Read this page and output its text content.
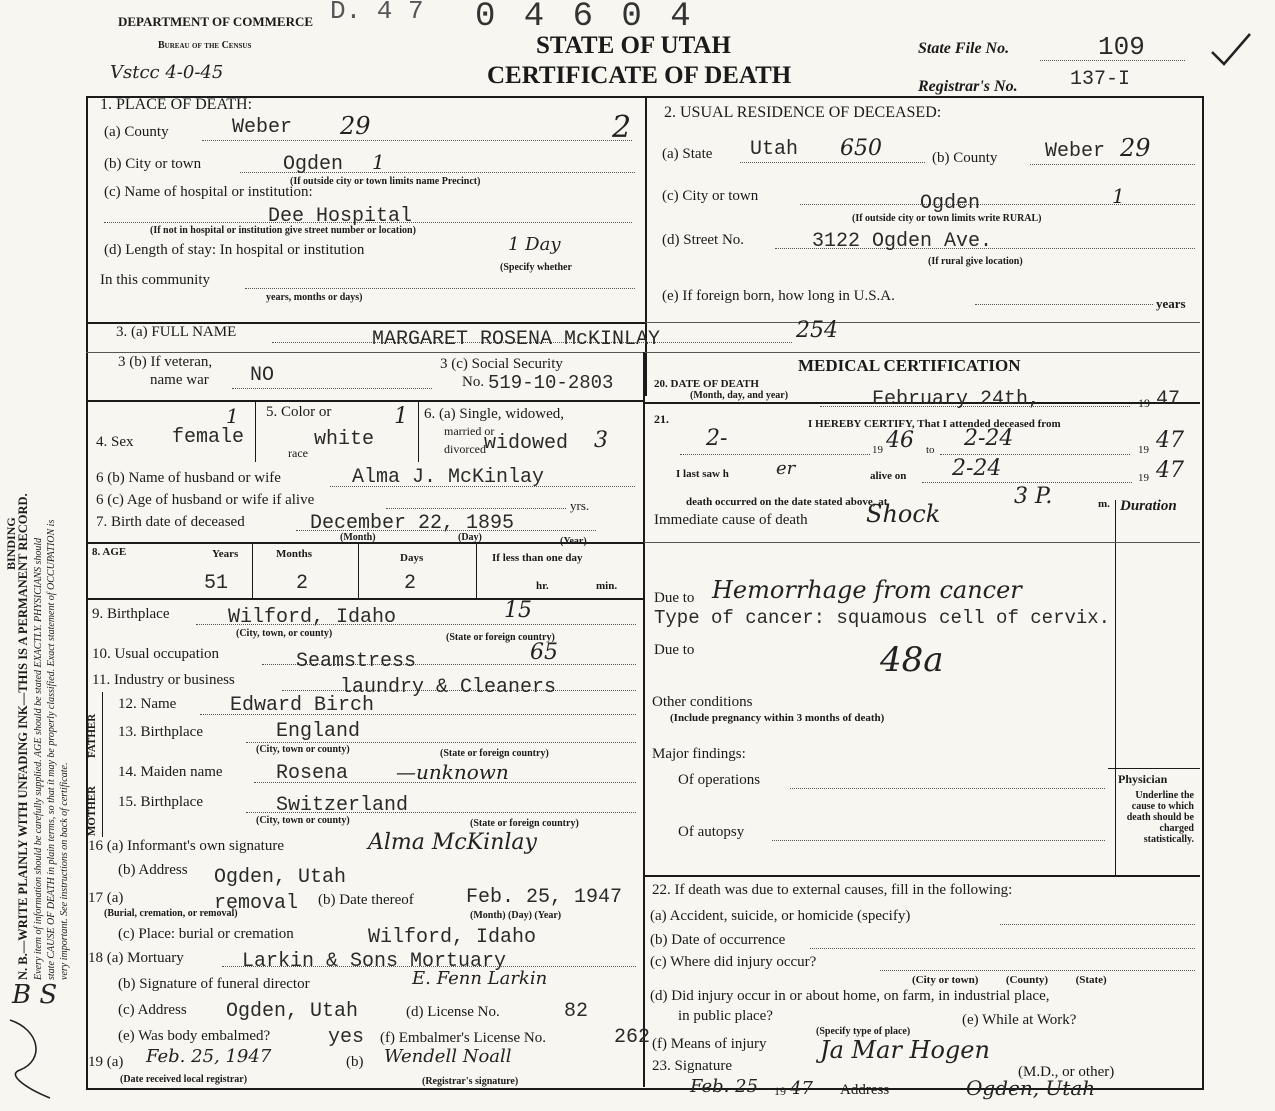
D. 4 7 0 4 6 0 4
DEPARTMENT OF COMMERCE
Bureau of the Census
Vstcc 4-0-45
STATE OF UTAH
CERTIFICATE OF DEATH
State File No.	109
Registrar's No.	137-I
BINDING
N. B.—WRITE PLAINLY WITH UNFADING INK—THIS IS A PERMANENT RECORD. Every item of information should be carefully supplied. AGE should be stated EXACTLY. PHYSICIANS should state CAUSE OF DEATH in plain terms, so that it may be properly classified. Exact statement of OCCUPATION is very important. See instructions on back of certificate.
B S
1. PLACE OF DEATH:
(a) County	Weber 29	2
(b) City or town	Ogden 1
(If outside city or town limits name Precinct)
(c) Name of hospital or institution:
Dee Hospital
(If not in hospital or institution give street number or location)
(d) Length of stay: In hospital or institution	1 Day
(Specify whether
In this community
years, months or days)
2. USUAL RESIDENCE OF DECEASED:
(a) State Utah 650	(b) County Weber 29
(c) City or town	Ogden	1
(If outside city or town limits write RURAL)
(d) Street No.	3122 Ogden Ave.
(If rural give location)
(e) If foreign born, how long in U.S.A.	years
3. (a) FULL NAME	MARGARET ROSENA McKINLAY	254
3 (b) If veteran,
name war NO	3 (c) Social Security
No. 519-10-2803
MEDICAL CERTIFICATION
20. DATE OF DEATH
(Month, day, and year)	February 24th,	19 47
4. Sex female
1 5. Color or
race
white
1 6. (a) Single, widowed,
married or
divorced
widowed 3
21.	I HEREBY CERTIFY, That I attended deceased from
2-	19 46 to 2-24	19 47
I last saw h	er	alive on 2-24	19 47
death occurred on the date stated above, at	3 P.	m. Duration
6 (b) Name of husband or wife	Alma J. McKinlay
6 (c) Age of husband or wife if alive	yrs.
7. Birth date of deceased	December 22, 1895
(Month)	(Day)	(Year)
8. AGE	Years	Months	Days	If less than one day
51	2	2	hr.	min.
Immediate cause of death Shock
Due to Hemorrhage from cancer
Type of cancer: squamous cell of cervix.
Due to	48a
Other conditions
(Include pregnancy within 3 months of death)
Major findings:
Of operations
Of autopsy
Physician
Underline the cause to which death should be charged statistically.
9. Birthplace	Wilford, Idaho	15
(City, town, or county)	(State or foreign country)
10. Usual occupation	Seamstress	65
11. Industry or business	laundry & Cleaners
FATHER
MOTHER
12. Name	Edward Birch
13. Birthplace	England
(City, town or county)	(State or foreign country)
14. Maiden name	Rosena —unknown
15. Birthplace	Switzerland
(City, town or county)	(State or foreign country)
16 (a) Informant's own signature	Alma McKinlay
(b) Address Ogden, Utah
17 (a)	removal
(Burial, cremation, or removal)
(b) Date thereof	Feb. 25, 1947
(Month) (Day) (Year)
(c) Place: burial or cremation	Wilford, Idaho
18 (a) Mortuary	Larkin & Sons Mortuary
(b) Signature of funeral director	E. Fenn Larkin
(c) Address Ogden, Utah	(d) License No.	82
(e) Was body embalmed?	yes (f) Embalmer's License No.	262
19 (a) Feb. 25, 1947	(b) Wendell Noall
(Date received local registrar)	(Registrar's signature)
22. If death was due to external causes, fill in the following:
(a) Accident, suicide, or homicide (specify)
(b) Date of occurrence
(c) Where did injury occur?
(City or town)          (County)          (State)
(d) Did injury occur in or about home, on farm, in industrial place,
in public place?
(Specify type of place)
(e) While at Work?
(f) Means of injury
23. Signature
Ja Mar Hogen
(M.D., or other)
Feb. 25 19 47 Address	Ogden, Utah
